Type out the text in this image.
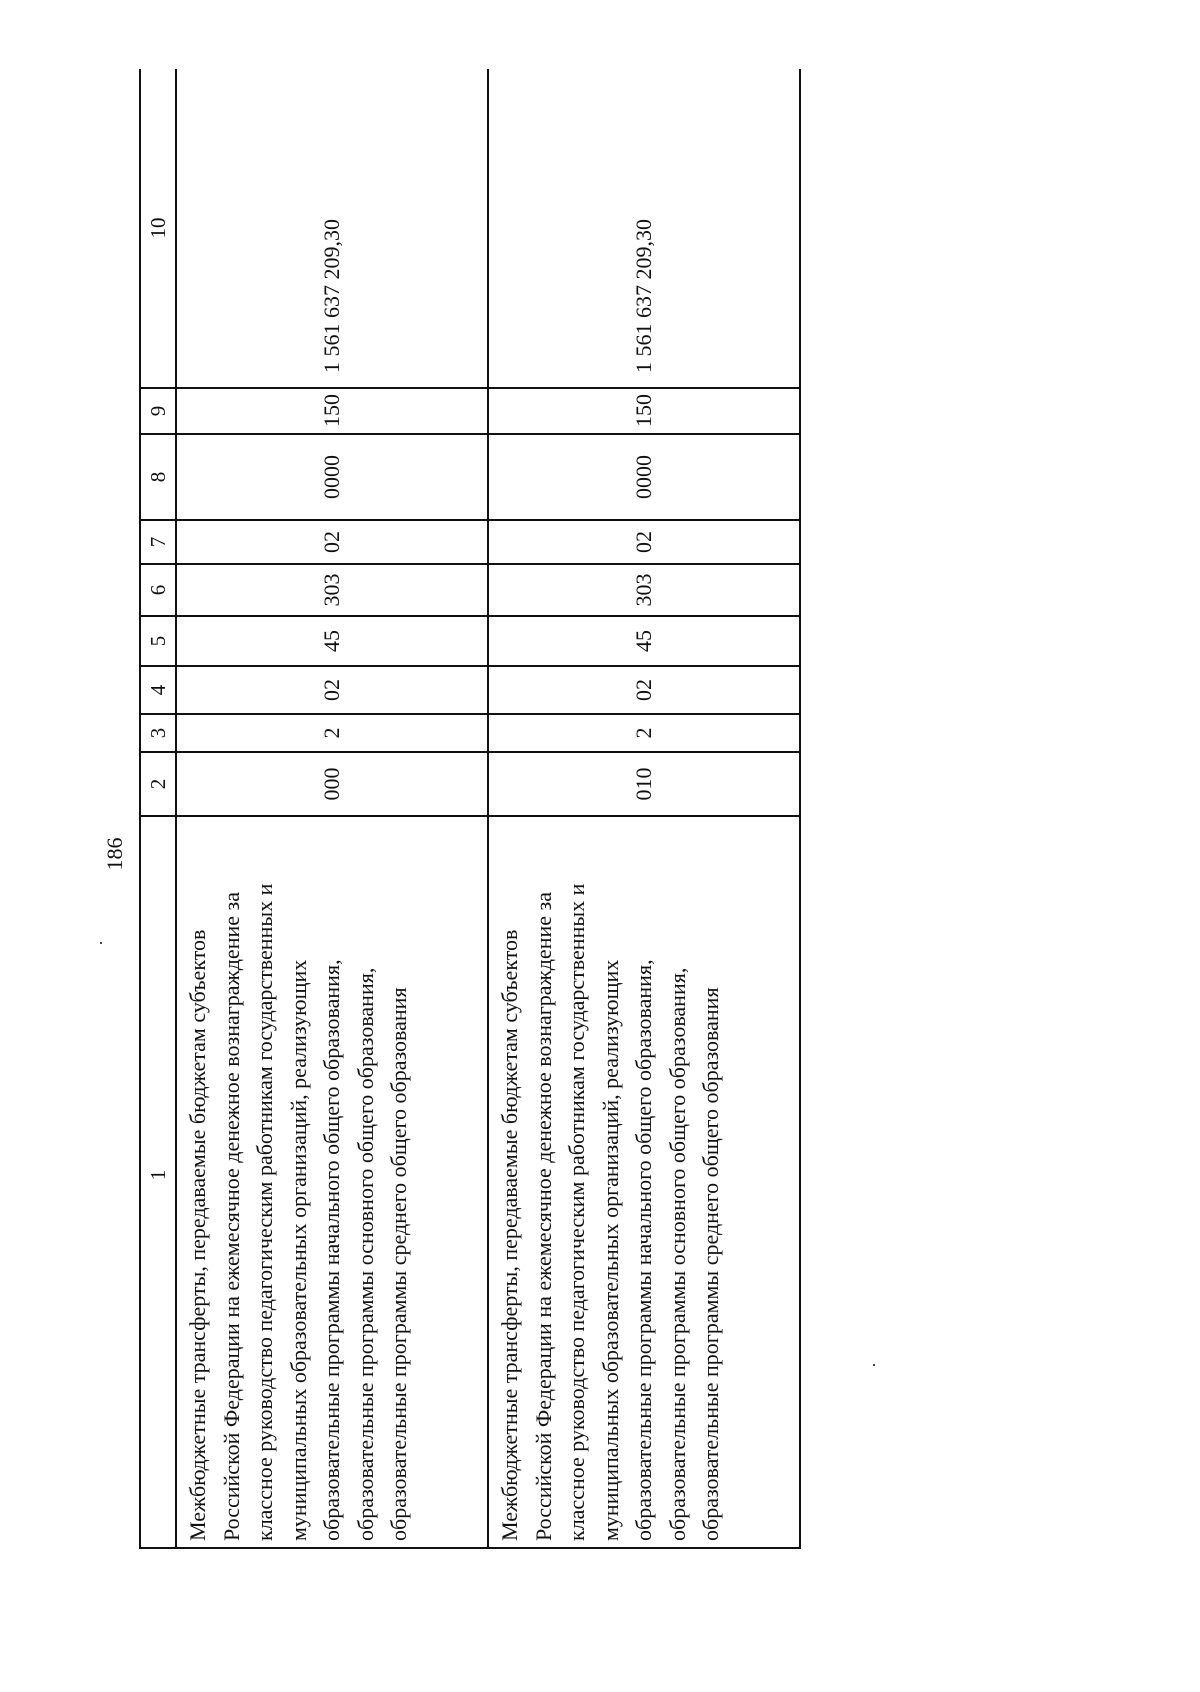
186
1	2	3	4	5	6	7	8	9	10
Межбюджетные трансферты, передаваемые бюджетам субъектов Российской Федерации на ежемесячное денежное вознаграждение за классное руководство педагогическим работникам государственных и муниципальных образовательных организаций, реализующих образовательные программы начального общего образования, образовательные программы основного общего образования, образовательные программы среднего общего образования	000	2	02	45	303	02	0000	150	1 561 637 209,30
Межбюджетные трансферты, передаваемые бюджетам субъектов Российской Федерации на ежемесячное денежное вознаграждение за классное руководство педагогическим работникам государственных и муниципальных образовательных организаций, реализующих образовательные программы начального общего образования, образовательные программы основного общего образования, образовательные программы среднего общего образования	010	2	02	45	303	02	0000	150	1 561 637 209,30
